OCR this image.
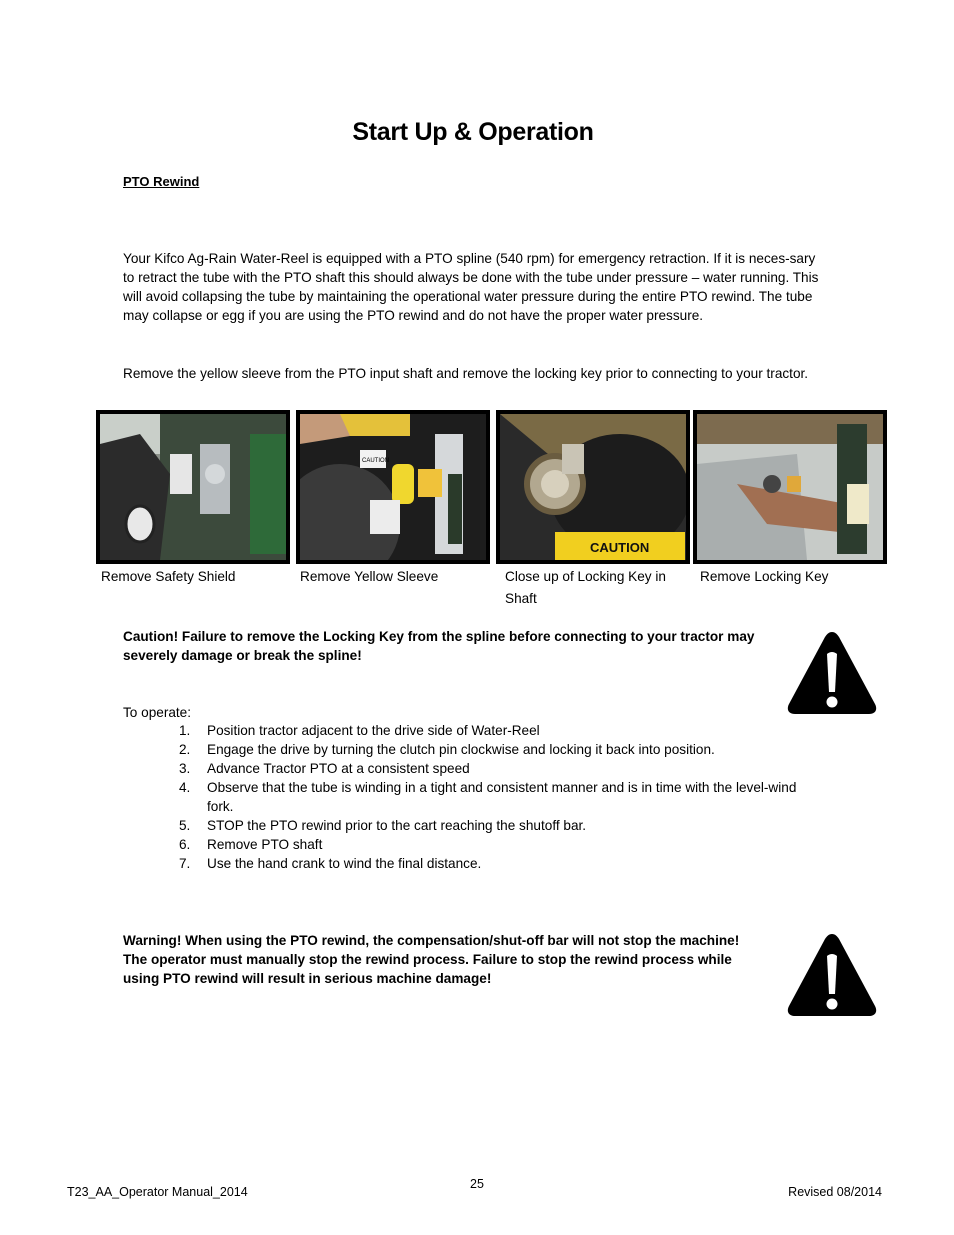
Start Up & Operation
PTO Rewind
Your Kifco Ag-Rain Water-Reel is equipped with a PTO spline (540 rpm) for emergency retraction. If it is neces-sary to retract the tube with the PTO shaft this should always be done with the tube under pressure – water running. This will avoid collapsing the tube by maintaining the operational water pressure during the entire PTO rewind. The tube may collapse or egg if you are using the PTO rewind and do not have the proper water pressure.
Remove the yellow sleeve from the PTO input shaft and remove the locking key prior to connecting to your tractor.
CAUTION
CAUTION
Remove Safety Shield	Remove Yellow Sleeve	Close up of Locking Key in Shaft
Remove Locking Key
Caution! Failure to remove the Locking Key from the spline before connecting to your tractor may severely damage or break the spline!
To operate:
1. Position tractor adjacent to the drive side of Water-Reel
2. Engage the drive by turning the clutch pin clockwise and locking it back into position.
3. Advance Tractor PTO at a consistent speed
4. Observe that the tube is winding in a tight and consistent manner and is in time with the level-wind fork.
5. STOP the PTO rewind prior to the cart reaching the shutoff bar.
6. Remove PTO shaft
7. Use the hand crank to wind the final distance.
Warning! When using the PTO rewind, the compensation/shut-off bar will not stop the machine! The operator must manually stop the rewind process. Failure to stop the rewind process while using PTO rewind will result in serious machine damage!
T23_AA_Operator Manual_2014
25
Revised 08/2014
